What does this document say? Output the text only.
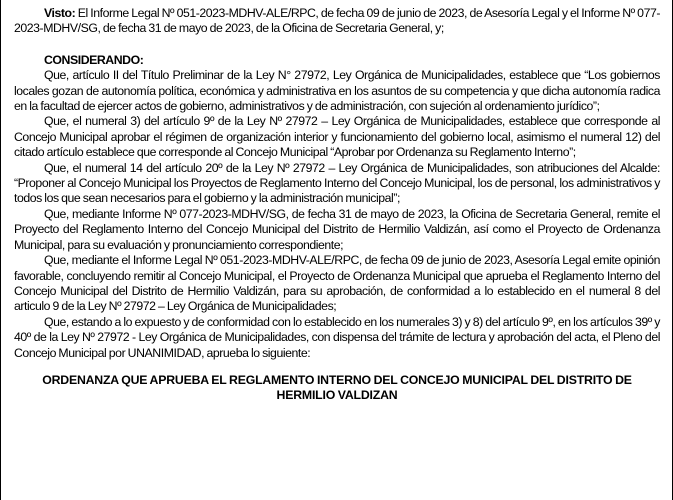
Visto: El Informe Legal Nº 051-2023-MDHV-ALE/RPC, de fecha 09 de junio de 2023, de Asesoría Legal y el Informe Nº 077-2023-MDHV/SG, de fecha 31 de mayo de 2023, de la Oficina de Secretaria General, y;

CONSIDERANDO:

Que, artículo II del Título Preliminar de la Ley N° 27972, Ley Orgánica de Municipalidades, establece que “Los gobiernos locales gozan de autonomía política, económica y administrativa en los asuntos de su competencia y que dicha autonomía radica en la facultad de ejercer actos de gobierno, administrativos y de administración, con sujeción al ordenamiento jurídico”;

Que, el numeral 3) del artículo 9º de la Ley Nº 27972 – Ley Orgánica de Municipalidades, establece que corresponde al Concejo Municipal aprobar el régimen de organización interior y funcionamiento del gobierno local, asimismo el numeral 12) del citado artículo establece que corresponde al Concejo Municipal “Aprobar por Ordenanza su Reglamento Interno”;

Que, el numeral 14 del artículo 20º de la Ley Nº 27972 – Ley Orgánica de Municipalidades, son atribuciones del Alcalde: “Proponer al Concejo Municipal los Proyectos de Reglamento Interno del Concejo Municipal, los de personal, los administrativos y todos los que sean necesarios para el gobierno y la administración municipal”;

Que, mediante Informe Nº 077-2023-MDHV/SG, de fecha 31 de mayo de 2023, la Oficina de Secretaria General, remite el Proyecto del Reglamento Interno del Concejo Municipal del Distrito de Hermilio Valdizán, así como el Proyecto de Ordenanza Municipal, para su evaluación y pronunciamiento correspondiente;

Que, mediante el Informe Legal Nº 051-2023-MDHV-ALE/RPC, de fecha 09 de junio de 2023, Asesoría Legal emite opinión favorable, concluyendo remitir al Concejo Municipal, el Proyecto de Ordenanza Municipal que aprueba el Reglamento Interno del Concejo Municipal del Distrito de Hermilio Valdizán, para su aprobación, de conformidad a lo establecido en el numeral 8 del articulo 9 de la Ley Nº 27972 – Ley Orgánica de Municipalidades;

Que, estando a lo expuesto y de conformidad con lo establecido en los numerales 3) y 8) del artículo 9º, en los artículos 39º y 40º de la Ley Nº 27972 - Ley Orgánica de Municipalidades, con dispensa del trámite de lectura y aprobación del acta, el Pleno del Concejo Municipal por UNANIMIDAD, aprueba lo siguiente:

ORDENANZA QUE APRUEBA EL REGLAMENTO INTERNO DEL CONCEJO MUNICIPAL DEL DISTRITO DE HERMILIO VALDIZAN
